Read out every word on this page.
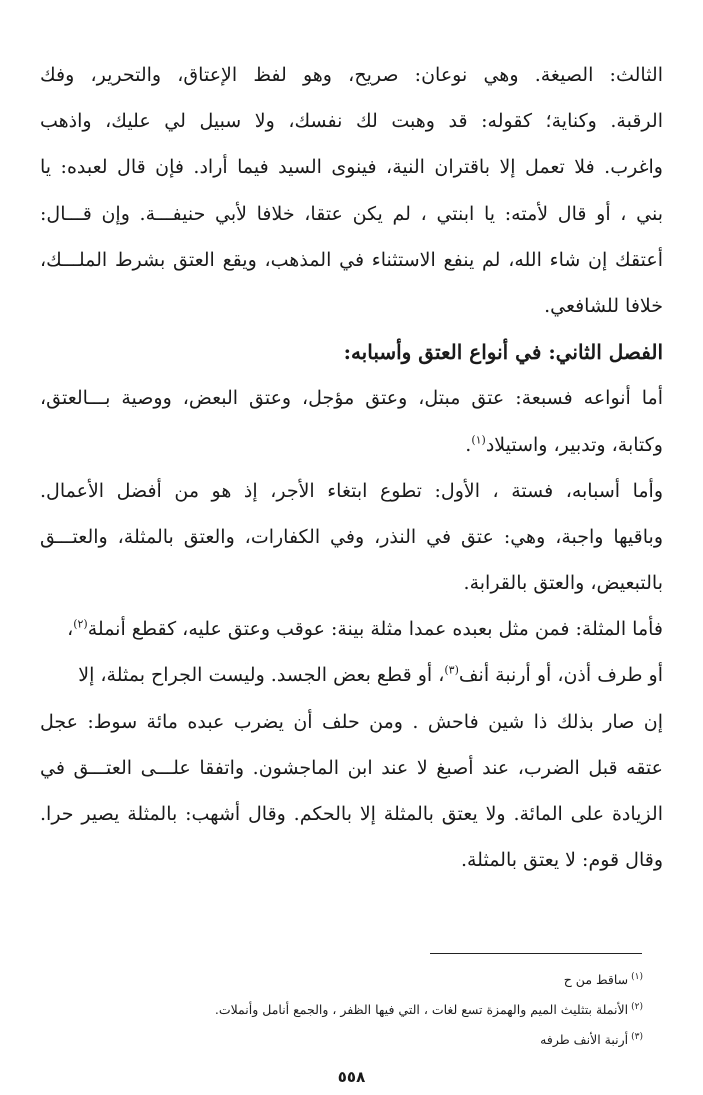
الثالث: الصيغة. وهي نوعان: صريح، وهو لفظ الإعتاق، والتحرير، وفك
الرقبة. وكناية؛ كقوله: قد وهبت لك نفسك، ولا سبيل لي عليك، واذهب
واغرب. فلا تعمل إلا باقتران النية، فينوى السيد فيما أراد. فإن قال لعبده: يا
بني ، أو قال لأمته: يا ابنتي ، لم يكن عتقا، خلافا لأبي حنيفـــة. وإن قـــال:
أعتقك إن شاء الله، لم ينفع الاستثناء في المذهب، ويقع العتق بشرط الملـــك،
خلافا للشافعي.
الفصل الثاني: في أنواع العتق وأسبابه:
أما أنواعه فسبعة: عتق مبتل، وعتق مؤجل، وعتق البعض، ووصية بـــالعتق،
وكتابة، وتدبير، واستيلاد$^{(١)}$.
وأما أسبابه، فستة ، الأول: تطوع ابتغاء الأجر، إذ هو من أفضل الأعمال.
وباقيها واجبة، وهي: عتق في النذر، وفي الكفارات، والعتق بالمثلة، والعتـــق
بالتبعيض، والعتق بالقرابة.
فأما المثلة: فمن مثل بعبده عمدا مثلة بينة: عوقب وعتق عليه، كقطع أنملة$^{(٢)}$،
أو طرف أذن، أو أرنبة أنف$^{(٣)}$، أو قطع بعض الجسد. وليست الجراح بمثلة، إلا
إن صار بذلك ذا شين فاحش . ومن حلف أن يضرب عبده مائة سوط: عجل
عتقه قبل الضرب، عند أصبغ لا عند ابن الماجشون. واتفقا علـــى العتـــق في
الزيادة على المائة. ولا يعتق بالمثلة إلا بالحكم. وقال أشهب: بالمثلة يصير حرا.
وقال قوم: لا يعتق بالمثلة.
$^{(١)}$ساقط من ح
$^{(٢)}$الأنملة بتثليث الميم والهمزة تسع لغات ، التي فيها الظفر ، والجمع أنامل وأنملات.
$^{(٣)}$أرنبة الأنف طرفه
٥٥٨
